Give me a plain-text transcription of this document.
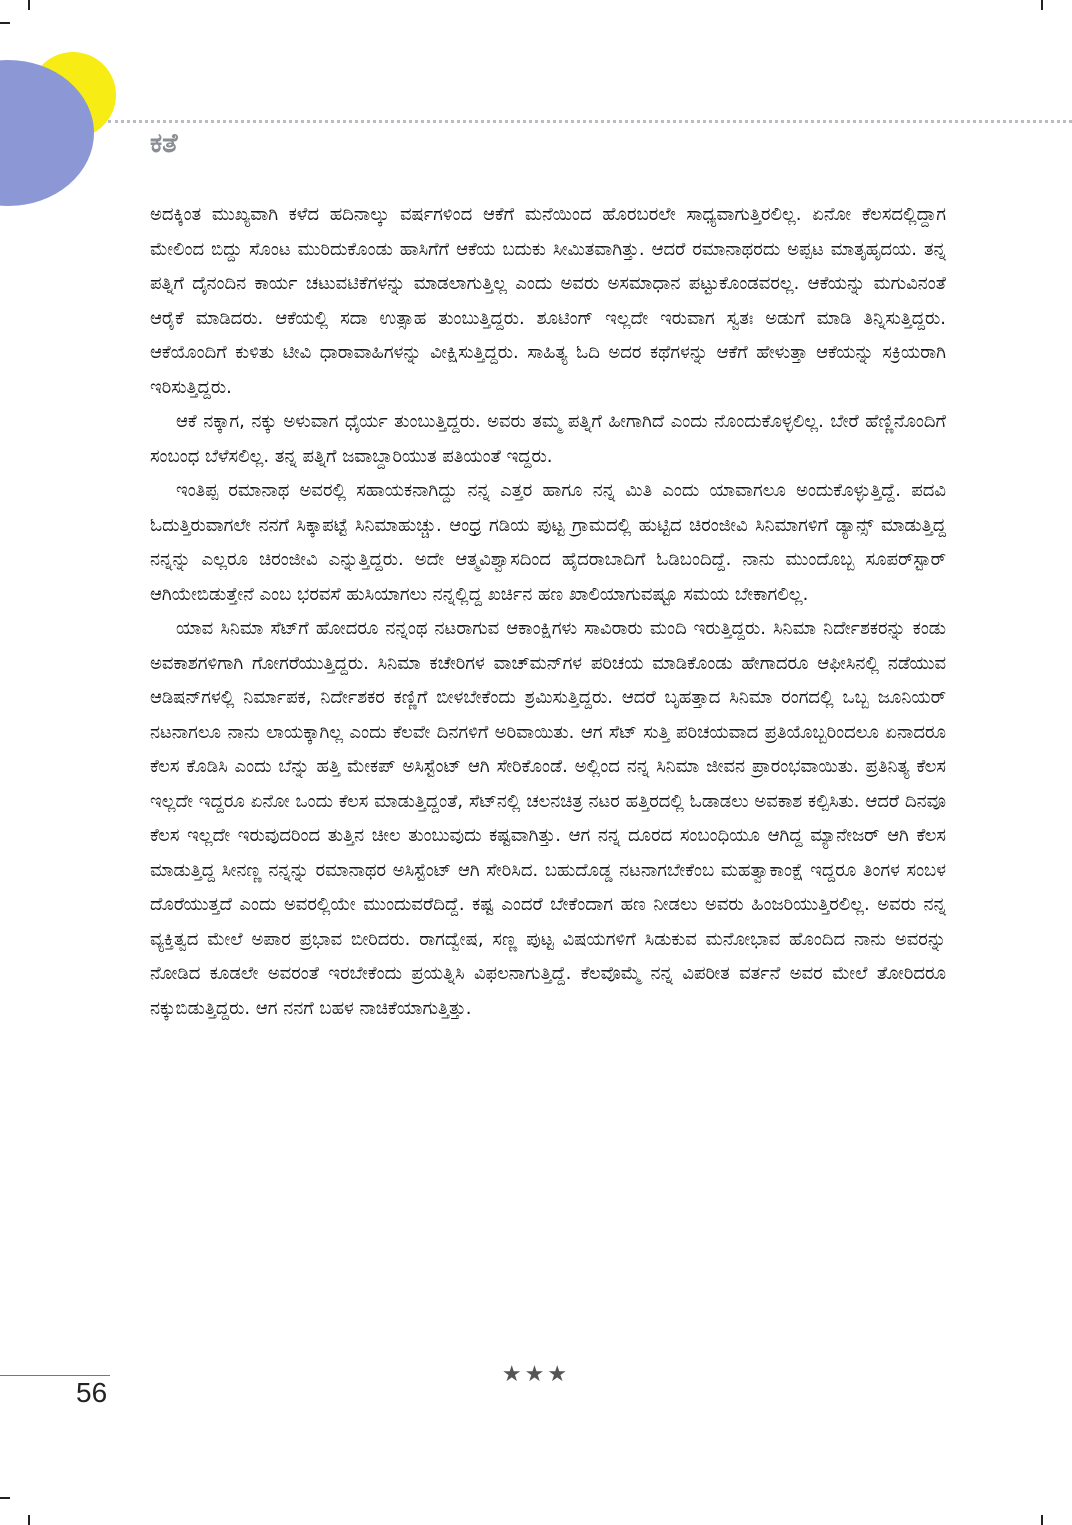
ಕತೆ

ಅದಕ್ಕಿಂತ ಮುಖ್ಯವಾಗಿ ಕಳೆದ ಹದಿನಾಲ್ಕು ವರ್ಷಗಳಿಂದ ಆಕೆಗೆ ಮನೆಯಿಂದ ಹೊರಬರಲೇ ಸಾಧ್ಯವಾಗುತ್ತಿರಲಿಲ್ಲ. ಏನೋ ಕೆಲಸದಲ್ಲಿದ್ದಾಗ ಮೇಲಿಂದ ಬಿದ್ದು ಸೊಂಟ ಮುರಿದುಕೊಂಡು ಹಾಸಿಗೆಗೆ ಆಕೆಯ ಬದುಕು ಸೀಮಿತವಾಗಿತ್ತು. ಆದರೆ ರಮಾನಾಥರದು ಅಪ್ಪಟ ಮಾತೃಹೃದಯ. ತನ್ನ ಪತ್ನಿಗೆ ದೈನಂದಿನ ಕಾರ್ಯ ಚಟುವಟಿಕೆಗಳನ್ನು ಮಾಡಲಾಗುತ್ತಿಲ್ಲ ಎಂದು ಅವರು ಅಸಮಾಧಾನ ಪಟ್ಟುಕೊಂಡವರಲ್ಲ. ಆಕೆಯನ್ನು ಮಗುವಿನಂತೆ ಆರೈಕೆ ಮಾಡಿದರು. ಆಕೆಯಲ್ಲಿ ಸದಾ ಉತ್ಸಾಹ ತುಂಬುತ್ತಿದ್ದರು. ಶೂಟಿಂಗ್ ಇಲ್ಲದೇ ಇರುವಾಗ ಸ್ವತಃ ಅಡುಗೆ ಮಾಡಿ ತಿನ್ನಿಸುತ್ತಿದ್ದರು. ಆಕೆಯೊಂದಿಗೆ ಕುಳಿತು ಟೀವಿ ಧಾರಾವಾಹಿಗಳನ್ನು ವೀಕ್ಷಿಸುತ್ತಿದ್ದರು. ಸಾಹಿತ್ಯ ಓದಿ ಅದರ ಕಥೆಗಳನ್ನು ಆಕೆಗೆ ಹೇಳುತ್ತಾ ಆಕೆಯನ್ನು ಸಕ್ರಿಯರಾಗಿ ಇರಿಸುತ್ತಿದ್ದರು.

ಆಕೆ ನಕ್ಕಾಗ, ನಕ್ಕು ಅಳುವಾಗ ಧೈರ್ಯ ತುಂಬುತ್ತಿದ್ದರು. ಅವರು ತಮ್ಮ ಪತ್ನಿಗೆ ಹೀಗಾಗಿದೆ ಎಂದು ನೊಂದುಕೊಳ್ಳಲಿಲ್ಲ. ಬೇರೆ ಹೆಣ್ಣಿನೊಂದಿಗೆ ಸಂಬಂಧ ಬೆಳೆಸಲಿಲ್ಲ. ತನ್ನ ಪತ್ನಿಗೆ ಜವಾಬ್ದಾರಿಯುತ ಪತಿಯಂತೆ ಇದ್ದರು.

ಇಂತಿಪ್ಪ ರಮಾನಾಥ ಅವರಲ್ಲಿ ಸಹಾಯಕನಾಗಿದ್ದು ನನ್ನ ಎತ್ತರ ಹಾಗೂ ನನ್ನ ಮಿತಿ ಎಂದು ಯಾವಾಗಲೂ ಅಂದುಕೊಳ್ಳುತ್ತಿದ್ದೆ. ಪದವಿ ಓದುತ್ತಿರುವಾಗಲೇ ನನಗೆ ಸಿಕ್ಕಾಪಟ್ಟೆ ಸಿನಿಮಾಹುಚ್ಚು. ಆಂಧ್ರ ಗಡಿಯ ಪುಟ್ಟ ಗ್ರಾಮದಲ್ಲಿ ಹುಟ್ಟಿದ ಚಿರಂಜೀವಿ ಸಿನಿಮಾಗಳಿಗೆ ಡ್ಯಾನ್ಸ್ ಮಾಡುತ್ತಿದ್ದ ನನ್ನನ್ನು ಎಲ್ಲರೂ ಚಿರಂಜೀವಿ ಎನ್ನುತ್ತಿದ್ದರು. ಅದೇ ಆತ್ಮವಿಶ್ವಾಸದಿಂದ ಹೈದರಾಬಾದಿಗೆ ಓಡಿಬಂದಿದ್ದೆ. ನಾನು ಮುಂದೊಬ್ಬ ಸೂಪರ್‌ಸ್ಟಾರ್ ಆಗಿಯೇಬಿಡುತ್ತೇನೆ ಎಂಬ ಭರವಸೆ ಹುಸಿಯಾಗಲು ನನ್ನಲ್ಲಿದ್ದ ಖರ್ಚಿನ ಹಣ ಖಾಲಿಯಾಗುವಷ್ಟೂ ಸಮಯ ಬೇಕಾಗಲಿಲ್ಲ.

ಯಾವ ಸಿನಿಮಾ ಸೆಟ್‌ಗೆ ಹೋದರೂ ನನ್ನಂಥ ನಟರಾಗುವ ಆಕಾಂಕ್ಷಿಗಳು ಸಾವಿರಾರು ಮಂದಿ ಇರುತ್ತಿದ್ದರು. ಸಿನಿಮಾ ನಿರ್ದೇಶಕರನ್ನು ಕಂಡು ಅವಕಾಶಗಳಿಗಾಗಿ ಗೋಗರೆಯುತ್ತಿದ್ದರು. ಸಿನಿಮಾ ಕಚೇರಿಗಳ ವಾಚ್‌ಮನ್‌ಗಳ ಪರಿಚಯ ಮಾಡಿಕೊಂಡು ಹೇಗಾದರೂ ಆಫೀಸಿನಲ್ಲಿ ನಡೆಯುವ ಆಡಿಷನ್‌ಗಳಲ್ಲಿ ನಿರ್ಮಾಪಕ, ನಿರ್ದೇಶಕರ ಕಣ್ಣಿಗೆ ಬೀಳಬೇಕೆಂದು ಶ್ರಮಿಸುತ್ತಿದ್ದರು. ಆದರೆ ಬೃಹತ್ತಾದ ಸಿನಿಮಾ ರಂಗದಲ್ಲಿ ಒಬ್ಬ ಜೂನಿಯರ್ ನಟನಾಗಲೂ ನಾನು ಲಾಯಕ್ಕಾಗಿಲ್ಲ ಎಂದು ಕೆಲವೇ ದಿನಗಳಿಗೆ ಅರಿವಾಯಿತು. ಆಗ ಸೆಟ್ ಸುತ್ತಿ ಪರಿಚಯವಾದ ಪ್ರತಿಯೊಬ್ಬರಿಂದಲೂ ಏನಾದರೂ ಕೆಲಸ ಕೊಡಿಸಿ ಎಂದು ಬೆನ್ನು ಹತ್ತಿ ಮೇಕಪ್ ಅಸಿಸ್ಟೆಂಟ್ ಆಗಿ ಸೇರಿಕೊಂಡೆ. ಅಲ್ಲಿಂದ ನನ್ನ ಸಿನಿಮಾ ಜೀವನ ಪ್ರಾರಂಭವಾಯಿತು. ಪ್ರತಿನಿತ್ಯ ಕೆಲಸ ಇಲ್ಲದೇ ಇದ್ದರೂ ಏನೋ ಒಂದು ಕೆಲಸ ಮಾಡುತ್ತಿದ್ದಂತೆ, ಸೆಟ್‌ನಲ್ಲಿ ಚಲನಚಿತ್ರ ನಟರ ಹತ್ತಿರದಲ್ಲಿ ಓಡಾಡಲು ಅವಕಾಶ ಕಲ್ಪಿಸಿತು. ಆದರೆ ದಿನವೂ ಕೆಲಸ ಇಲ್ಲದೇ ಇರುವುದರಿಂದ ತುತ್ತಿನ ಚೀಲ ತುಂಬುವುದು ಕಷ್ಟವಾಗಿತ್ತು. ಆಗ ನನ್ನ ದೂರದ ಸಂಬಂಧಿಯೂ ಆಗಿದ್ದ ಮ್ಯಾನೇಜರ್ ಆಗಿ ಕೆಲಸ ಮಾಡುತ್ತಿದ್ದ ಸೀನಣ್ಣ ನನ್ನನ್ನು ರಮಾನಾಥರ ಅಸಿಸ್ಟೆಂಟ್ ಆಗಿ ಸೇರಿಸಿದ. ಬಹುದೊಡ್ಡ ನಟನಾಗಬೇಕೆಂಬ ಮಹತ್ವಾಕಾಂಕ್ಷೆ ಇದ್ದರೂ ತಿಂಗಳ ಸಂಬಳ ದೊರೆಯುತ್ತದೆ ಎಂದು ಅವರಲ್ಲಿಯೇ ಮುಂದುವರೆದಿದ್ದೆ. ಕಷ್ಟ ಎಂದರೆ ಬೇಕೆಂದಾಗ ಹಣ ನೀಡಲು ಅವರು ಹಿಂಜರಿಯುತ್ತಿರಲಿಲ್ಲ. ಅವರು ನನ್ನ ವ್ಯಕ್ತಿತ್ವದ ಮೇಲೆ ಅಪಾರ ಪ್ರಭಾವ ಬೀರಿದರು. ರಾಗದ್ವೇಷ, ಸಣ್ಣ ಪುಟ್ಟ ವಿಷಯಗಳಿಗೆ ಸಿಡುಕುವ ಮನೋಭಾವ ಹೊಂದಿದ ನಾನು ಅವರನ್ನು ನೋಡಿದ ಕೂಡಲೇ ಅವರಂತೆ ಇರಬೇಕೆಂದು ಪ್ರಯತ್ನಿಸಿ ವಿಫಲನಾಗುತ್ತಿದ್ದೆ. ಕೆಲವೊಮ್ಮೆ ನನ್ನ ವಿಪರೀತ ವರ್ತನೆ ಅವರ ಮೇಲೆ ತೋರಿದರೂ ನಕ್ಕುಬಿಡುತ್ತಿದ್ದರು. ಆಗ ನನಗೆ ಬಹಳ ನಾಚಿಕೆಯಾಗುತ್ತಿತ್ತು.

★★★
56
